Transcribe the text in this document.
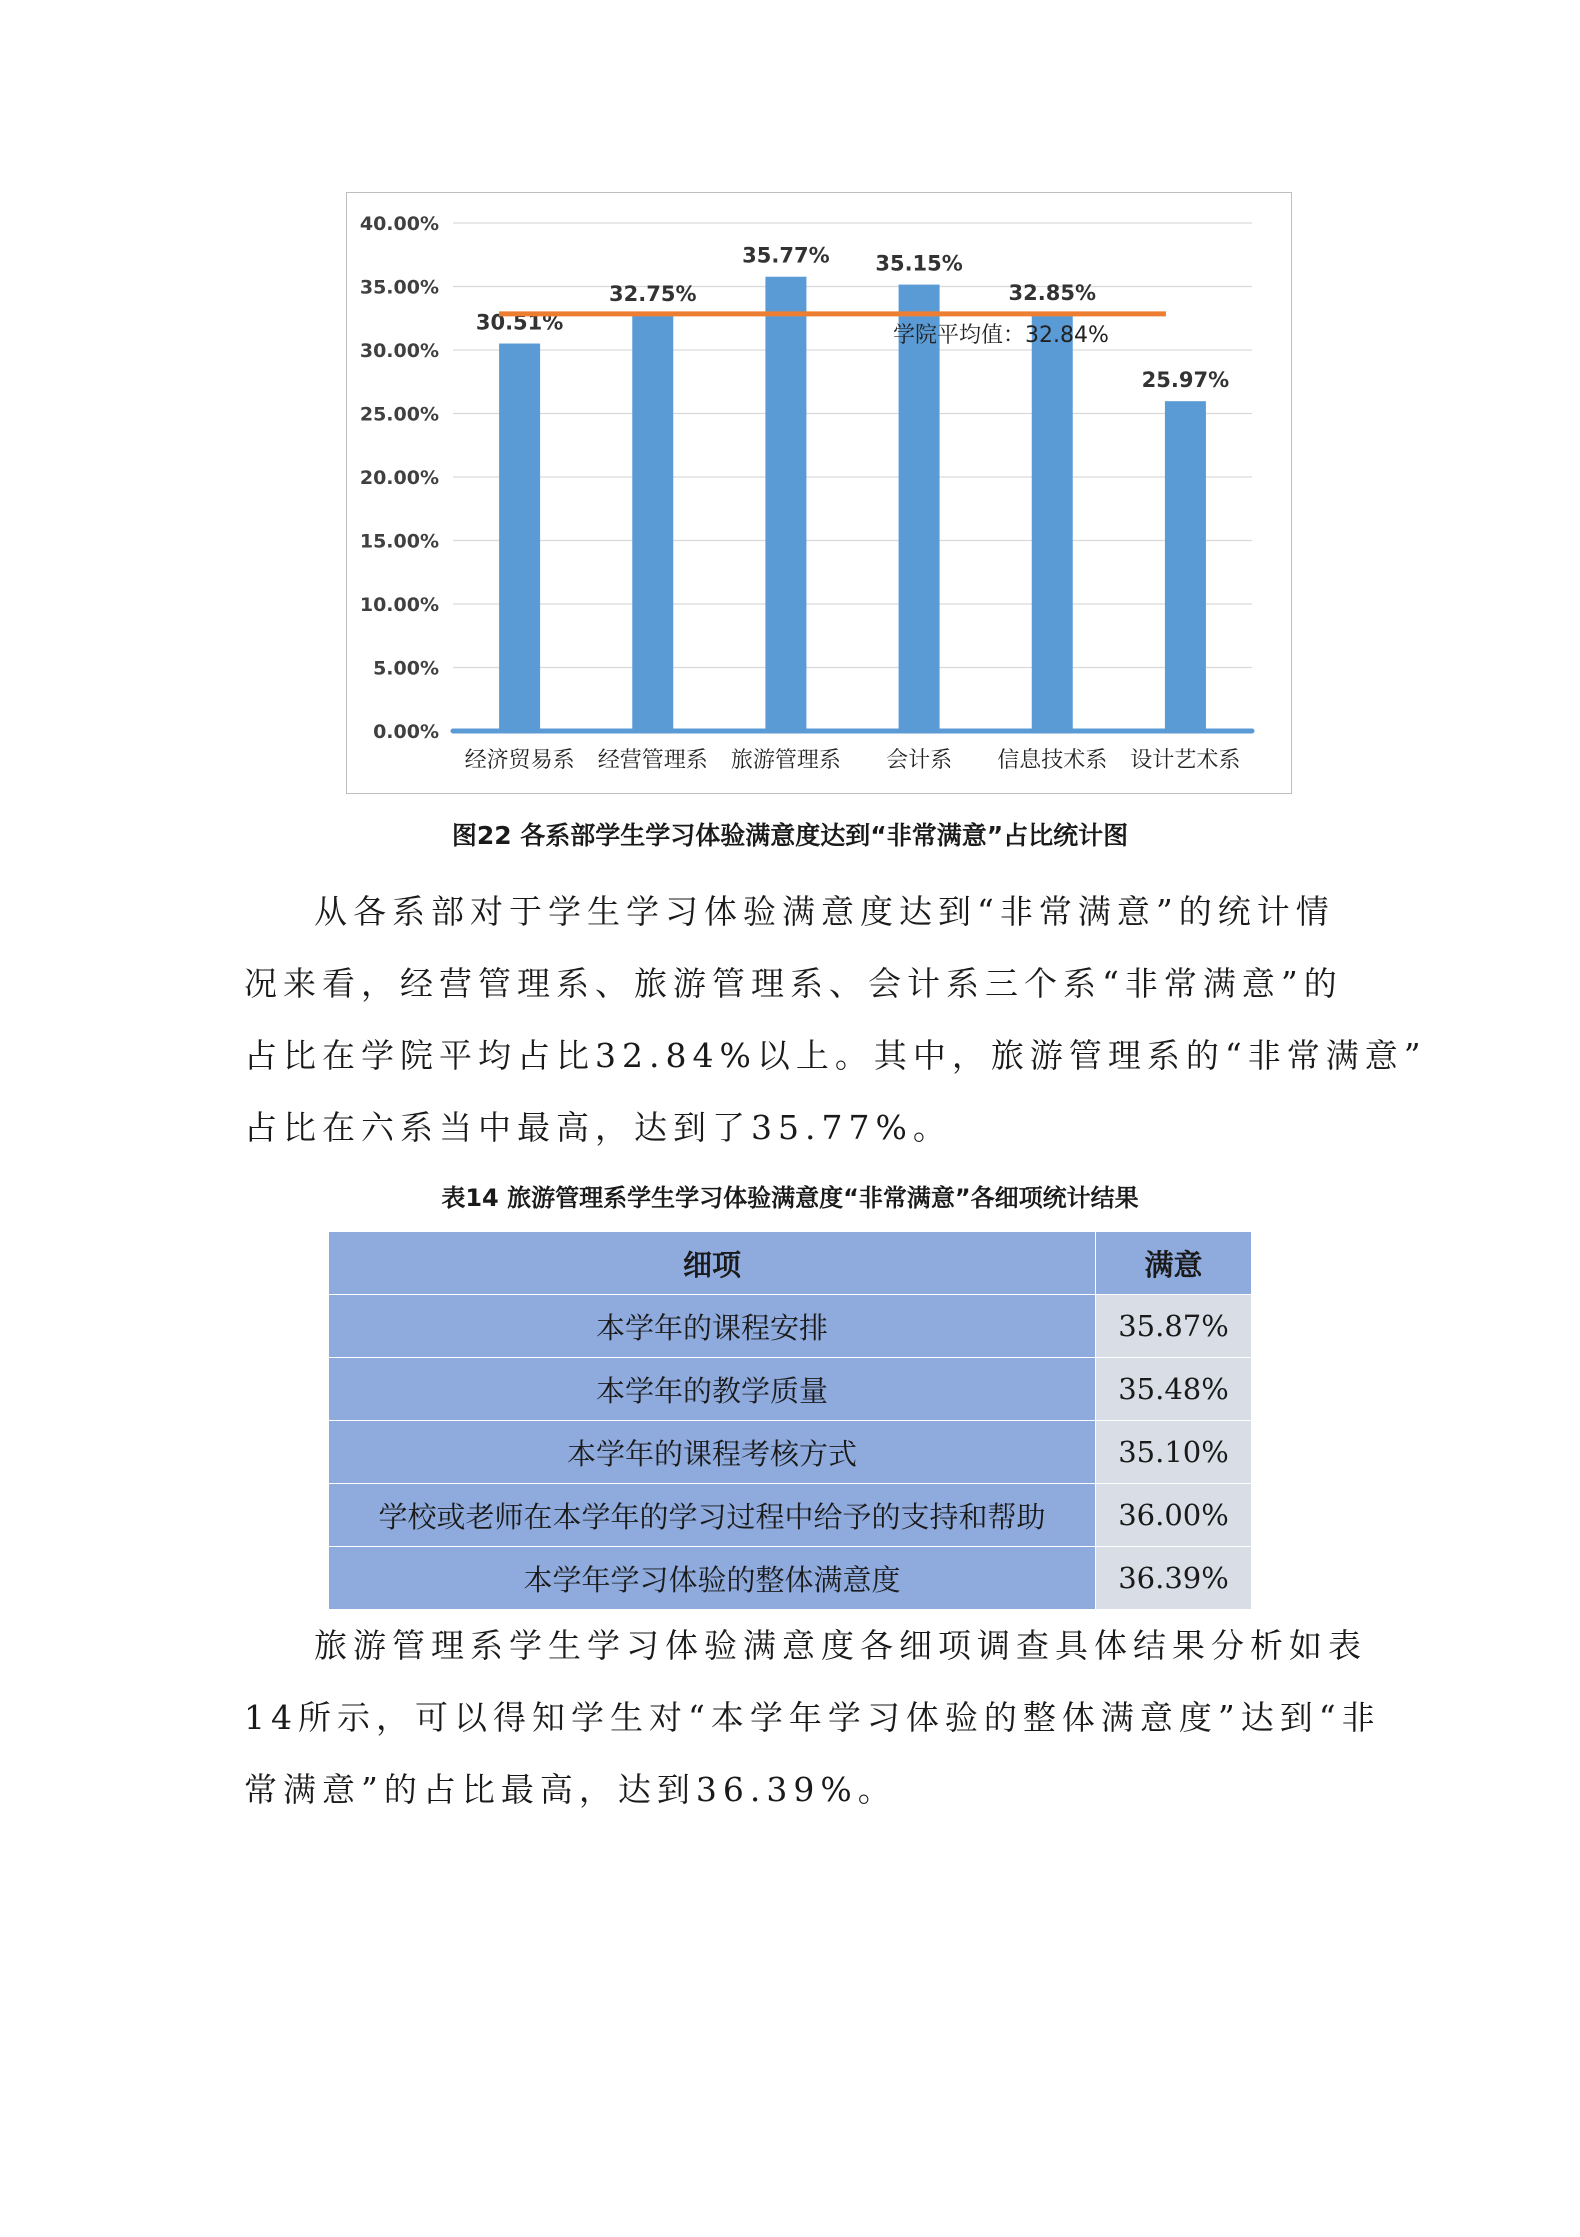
0.00%
5.00%
10.00%
15.00%
20.00%
25.00%
30.00%
35.00%
40.00%
30.51%
经济贸易系
32.75%
经营管理系
35.77%
旅游管理系
35.15%
会计系
32.85%
信息技术系
25.97%
设计艺术系
学院平均值：32.84%
图22 各系部学生学习体验满意度达到“非常满意”占比统计图
从各系部对于学生学习体验满意度达到“非常满意”的统计情
况来看，经营管理系、旅游管理系、会计系三个系“非常满意”的
占比在学院平均占比32.84%以上。其中，旅游管理系的“非常满意”
占比在六系当中最高，达到了35.77%。
表14 旅游管理系学生学习体验满意度“非常满意”各细项统计结果
细项	满意
本学年的课程安排	35.87%
本学年的教学质量	35.48%
本学年的课程考核方式	35.10%
学校或老师在本学年的学习过程中给予的支持和帮助	36.00%
本学年学习体验的整体满意度	36.39%
旅游管理系学生学习体验满意度各细项调查具体结果分析如表
14所示，可以得知学生对“本学年学习体验的整体满意度”达到“非
常满意”的占比最高，达到36.39%。
